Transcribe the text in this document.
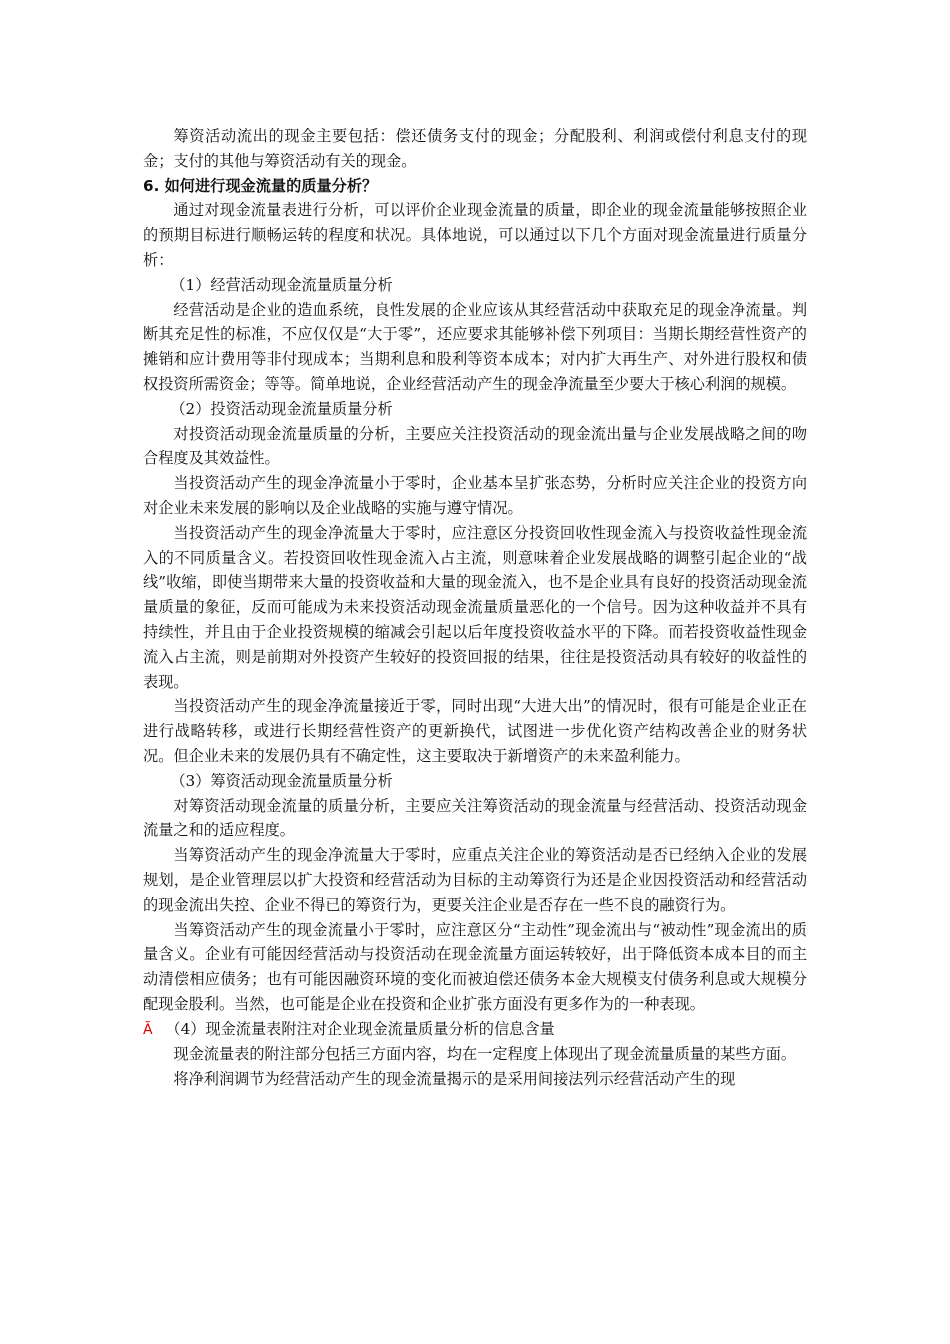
筹资活动流出的现金主要包括：偿还债务支付的现金；分配股利、利润或偿付利息支付的现金；支付的其他与筹资活动有关的现金。

6. 如何进行现金流量的质量分析？

通过对现金流量表进行分析，可以评价企业现金流量的质量，即企业的现金流量能够按照企业的预期目标进行顺畅运转的程度和状况。具体地说，可以通过以下几个方面对现金流量进行质量分析：

（1）经营活动现金流量质量分析

经营活动是企业的造血系统，良性发展的企业应该从其经营活动中获取充足的现金净流量。判断其充足性的标准，不应仅仅是“大于零”，还应要求其能够补偿下列项目：当期长期经营性资产的摊销和应计费用等非付现成本；当期利息和股利等资本成本；对内扩大再生产、对外进行股权和债权投资所需资金；等等。简单地说，企业经营活动产生的现金净流量至少要大于核心利润的规模。

（2）投资活动现金流量质量分析

对投资活动现金流量质量的分析，主要应关注投资活动的现金流出量与企业发展战略之间的吻合程度及其效益性。

当投资活动产生的现金净流量小于零时，企业基本呈扩张态势，分析时应关注企业的投资方向对企业未来发展的影响以及企业战略的实施与遵守情况。

当投资活动产生的现金净流量大于零时，应注意区分投资回收性现金流入与投资收益性现金流入的不同质量含义。若投资回收性现金流入占主流，则意味着企业发展战略的调整引起企业的“战线”收缩，即使当期带来大量的投资收益和大量的现金流入，也不是企业具有良好的投资活动现金流量质量的象征，反而可能成为未来投资活动现金流量质量恶化的一个信号。因为这种收益并不具有持续性，并且由于企业投资规模的缩减会引起以后年度投资收益水平的下降。而若投资收益性现金流入占主流，则是前期对外投资产生较好的投资回报的结果，往往是投资活动具有较好的收益性的表现。

当投资活动产生的现金净流量接近于零，同时出现“大进大出”的情况时，很有可能是企业正在进行战略转移，或进行长期经营性资产的更新换代，试图进一步优化资产结构改善企业的财务状况。但企业未来的发展仍具有不确定性，这主要取决于新增资产的未来盈利能力。

（3）筹资活动现金流量质量分析

对筹资活动现金流量的质量分析，主要应关注筹资活动的现金流量与经营活动、投资活动现金流量之和的适应程度。

当筹资活动产生的现金净流量大于零时，应重点关注企业的筹资活动是否已经纳入企业的发展规划，是企业管理层以扩大投资和经营活动为目标的主动筹资行为还是企业因投资活动和经营活动的现金流出失控、企业不得已的筹资行为，更要关注企业是否存在一些不良的融资行为。

当筹资活动产生的现金流量小于零时，应注意区分“主动性”现金流出与“被动性”现金流出的质量含义。企业有可能因经营活动与投资活动在现金流量方面运转较好，出于降低资本成本目的而主动清偿相应债务；也有可能因融资环境的变化而被迫偿还债务本金大规模支付债务利息或大规模分配现金股利。当然，也可能是企业在投资和企业扩张方面没有更多作为的一种表现。

Ã （4）现金流量表附注对企业现金流量质量分析的信息含量

现金流量表的附注部分包括三方面内容，均在一定程度上体现出了现金流量质量的某些方面。

将净利润调节为经营活动产生的现金流量揭示的是采用间接法列示经营活动产生的现
